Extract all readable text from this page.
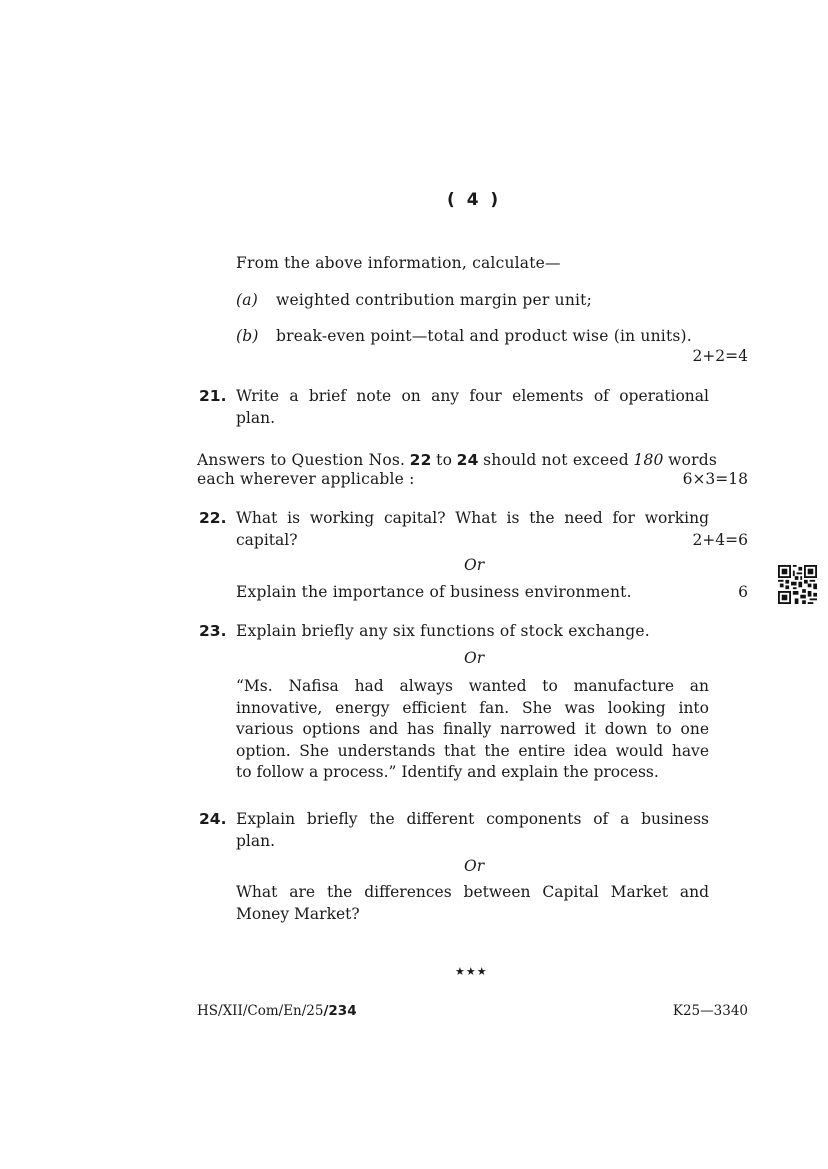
( 4 )
From the above information, calculate—
(a) weighted contribution margin per unit;
(b) break-even point—total and product wise (in units).
2+2=4
21. Write a brief note on any four elements of operational
plan.
Answers to Question Nos. 22 to 24 should not exceed 180 words
each wherever applicable :	6×3=18
22. What is working capital? What is the need for working
capital?	2+4=6
Or
Explain the importance of business environment.	6
23. Explain briefly any six functions of stock exchange.
Or
“Ms. Nafisa had always wanted to manufacture an
innovative, energy efficient fan. She was looking into
various options and has finally narrowed it down to one
option. She understands that the entire idea would have
to follow a process.” Identify and explain the process.
24. Explain briefly the different components of a business
plan.
Or
What are the differences between Capital Market and
Money Market?
★★★
HS/XII/Com/En/25/234	K25—3340
